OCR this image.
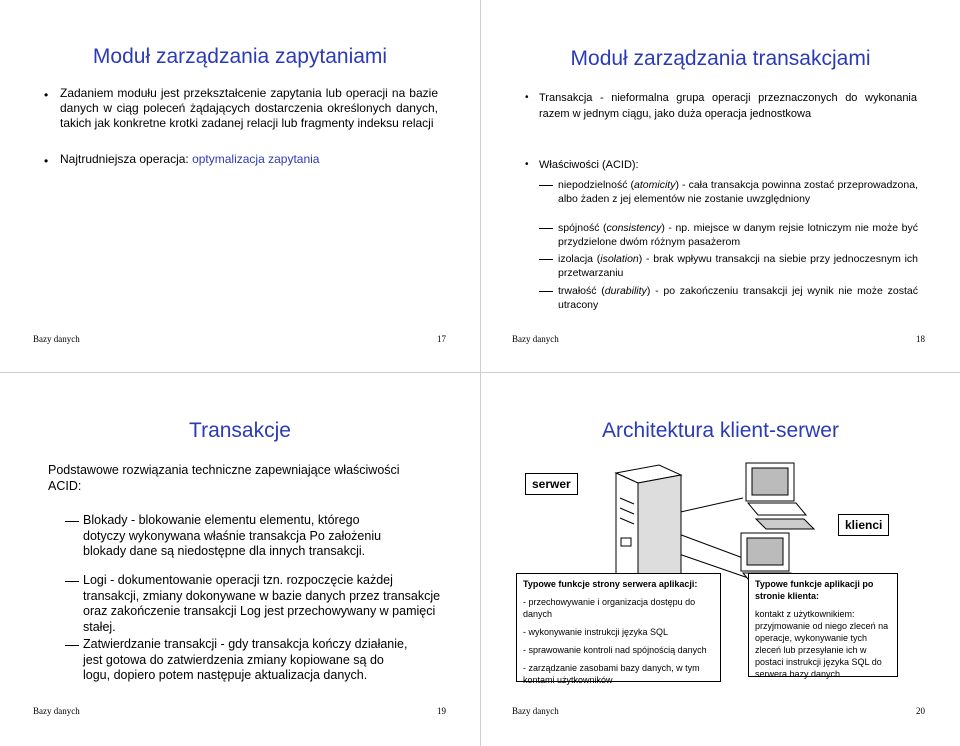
Moduł zarządzania zapytaniami
• Zadaniem modułu jest przekształcenie zapytania lub operacji na bazie danych w ciąg poleceń żądających dostarczenia określonych danych, takich jak konkretne krotki zadanej relacji lub fragmenty indeksu relacji
• Najtrudniejsza operacja: optymalizacja zapytania
Bazy danych	17
Moduł zarządzania transakcjami
• Transakcja - nieformalna grupa operacji przeznaczonych do wykonania razem w jednym ciągu, jako duża operacja jednostkowa
• Właściwości (ACID):
niepodzielność (atomicity) - cała transakcja powinna zostać przeprowadzona, albo żaden z jej elementów nie zostanie uwzględniony
spójność (consistency) - np. miejsce w danym rejsie lotniczym nie może być przydzielone dwóm różnym pasażerom
izolacja (isolation) - brak wpływu transakcji na siebie przy jednoczesnym ich przetwarzaniu
trwałość (durability) - po zakończeniu transakcji jej wynik nie może zostać utracony
Bazy danych	18
Transakcje
Podstawowe rozwiązania techniczne zapewniające właściwości ACID:
Blokady - blokowanie elementu elementu, którego dotyczy wykonywana właśnie transakcja Po założeniu blokady dane są niedostępne dla innych transakcji.
Logi - dokumentowanie operacji tzn. rozpoczęcie każdej transakcji, zmiany dokonywane w bazie danych przez transakcje oraz zakończenie transakcji Log jest przechowywany w pamięci stałej.
Zatwierdzanie transakcji - gdy transakcja kończy działanie, jest gotowa do zatwierdzenia zmiany kopiowane są do logu, dopiero potem następuje aktualizacja danych.
Bazy danych	19
Architektura klient-serwer
serwer
klienci
Typowe funkcje strony serwera aplikacji:

- przechowywanie i organizacja dostępu do danych

- wykonywanie instrukcji języka SQL

- sprawowanie kontroli nad spójnością danych

- zarządzanie zasobami bazy danych, w tym kontami użytkowników

Typowe funkcje aplikacji po stronie klienta:

kontakt z użytkownikiem: przyjmowanie od niego zleceń na operacje, wykonywanie tych zleceń lub przesyłanie ich w postaci instrukcji języka SQL do serwera bazy danych

Bazy danych	20
